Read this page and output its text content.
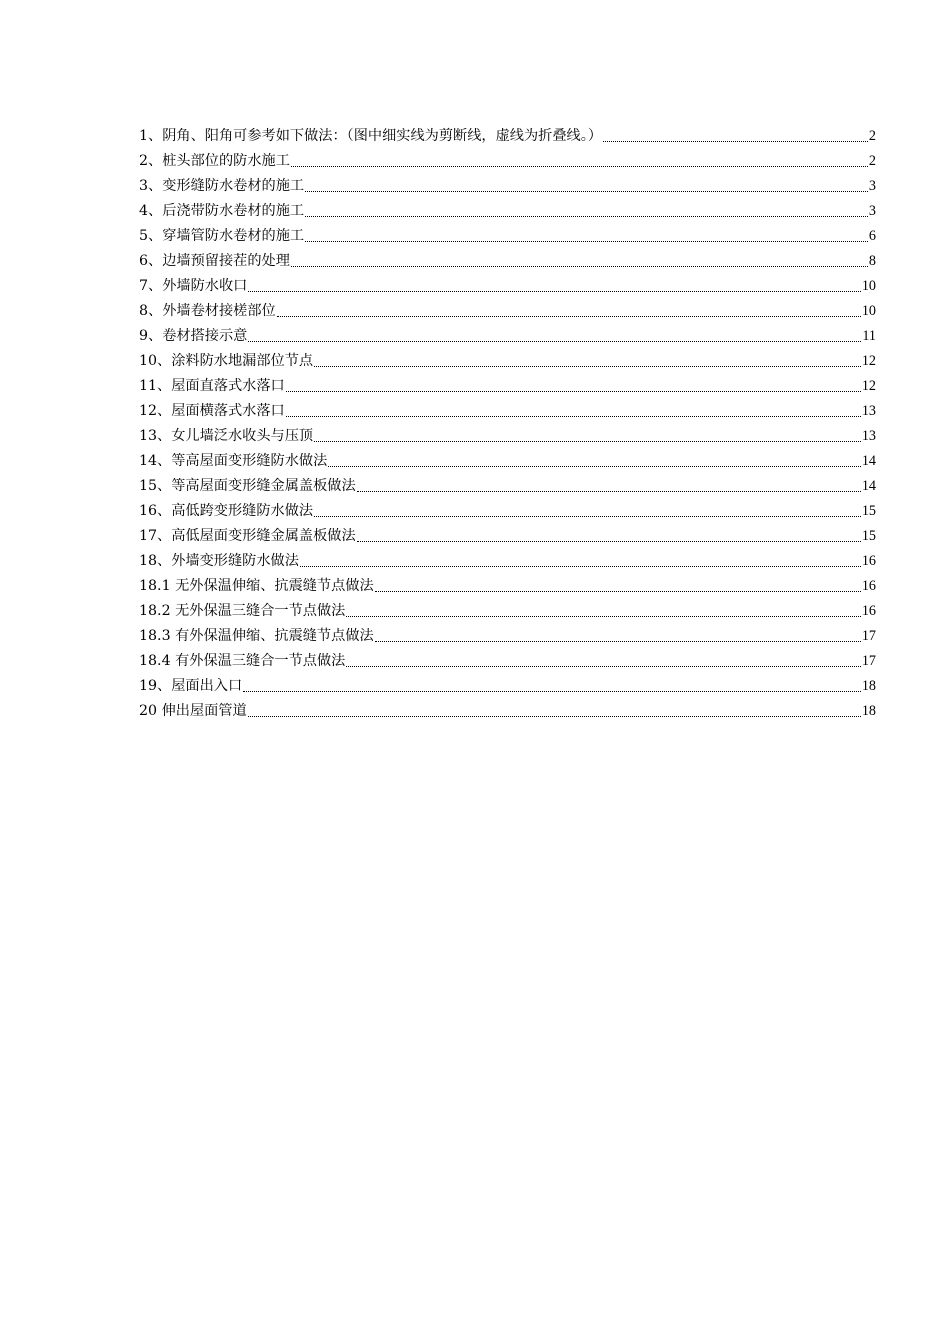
1、阴角、阳角可参考如下做法：（图中细实线为剪断线，虚线为折叠线。）	2
2、桩头部位的防水施工	2
3、变形缝防水卷材的施工	3
4、后浇带防水卷材的施工	3
5、穿墙管防水卷材的施工	6
6、边墙预留接茬的处理	8
7、外墙防水收口	10
8、外墙卷材接槎部位	10
9、卷材搭接示意	11
10、涂料防水地漏部位节点	12
11、屋面直落式水落口	12
12、屋面横落式水落口	13
13、女儿墙泛水收头与压顶	13
14、等高屋面变形缝防水做法	14
15、等高屋面变形缝金属盖板做法	14
16、高低跨变形缝防水做法	15
17、高低屋面变形缝金属盖板做法	15
18、外墙变形缝防水做法	16
18.1 无外保温伸缩、抗震缝节点做法	16
18.2 无外保温三缝合一节点做法	16
18.3 有外保温伸缩、抗震缝节点做法	17
18.4 有外保温三缝合一节点做法	17
19、屋面出入口	18
20 伸出屋面管道	18
